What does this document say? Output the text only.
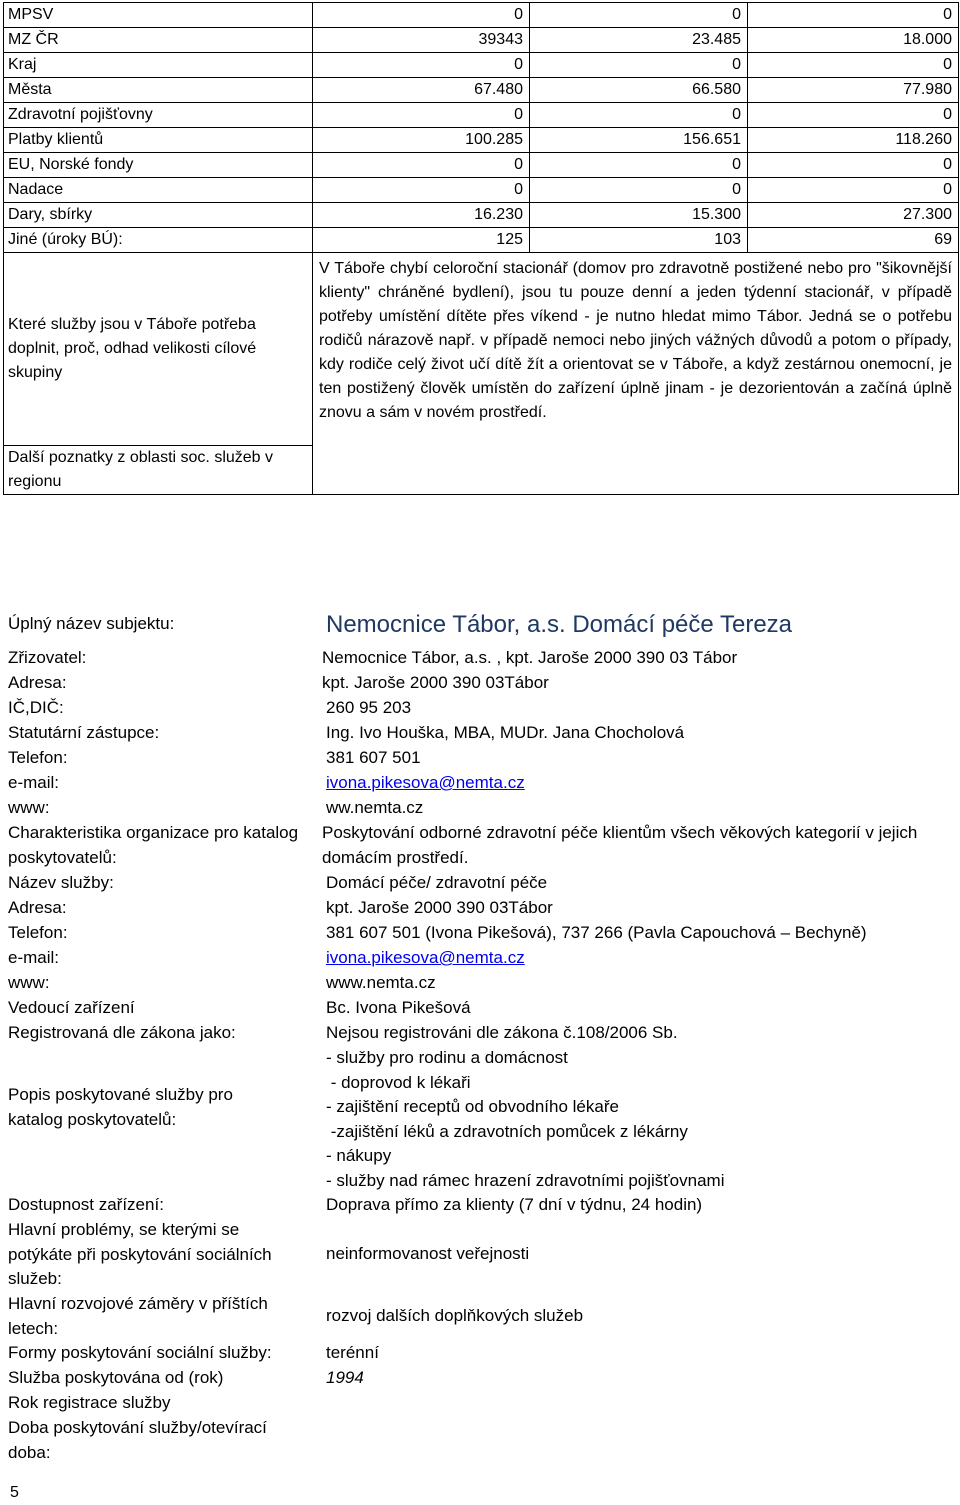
MPSV	0	0	0
MZ ČR	39343	23.485	18.000
Kraj	0	0	0
Města	67.480	66.580	77.980
Zdravotní pojišťovny	0	0	0
Platby klientů	100.285	156.651	118.260
EU, Norské fondy	0	0	0
Nadace	0	0	0
Dary, sbírky	16.230	15.300	27.300
Jiné (úroky BÚ):	125	103	69
Které služby jsou v Táboře potřeba doplnit, proč, odhad velikosti cílové skupiny	V Táboře chybí celoroční stacionář (domov pro zdravotně postižené nebo pro "šikovnější klienty" chráněné bydlení), jsou tu pouze denní a jeden týdenní stacionář, v případě potřeby umístění dítěte přes víkend - je nutno hledat mimo Tábor. Jedná se o potřebu rodičů nárazově např. v případě nemoci nebo jiných vážných důvodů a potom o případy, kdy rodiče celý život učí dítě žít a orientovat se v Táboře, a když zestárnou onemocní, je ten postižený člověk umístěn do zařízení úplně jinam - je dezorientován a začíná úplně znovu a sám v novém prostředí.
Další poznatky z oblasti soc. služeb v regionu
Úplný název subjektu:	Nemocnice Tábor, a.s. Domácí péče Tereza
Zřizovatel:	Nemocnice Tábor, a.s. , kpt. Jaroše 2000 390 03 Tábor
Adresa:	kpt. Jaroše 2000 390 03Tábor
IČ,DIČ:	260 95 203
Statutární zástupce:	Ing. Ivo Houška, MBA, MUDr. Jana Chocholová
Telefon:	381 607 501
e-mail:	ivona.pikesova@nemta.cz
www:	ww.nemta.cz
Charakteristika organizace pro katalog poskytovatelů:
Poskytování odborné zdravotní péče klientům všech věkových kategorií v jejich domácím prostředí.
Název služby:	Domácí péče/ zdravotní péče
Adresa:	kpt. Jaroše 2000 390 03Tábor
Telefon:	381 607 501 (Ivona Pikešová), 737 266 (Pavla Capouchová – Bechyně)
e-mail:	ivona.pikesova@nemta.cz
www:	www.nemta.cz
Vedoucí zařízení	Bc. Ivona Pikešová
Registrovaná dle zákona jako:	Nejsou registrováni dle zákona č.108/2006 Sb.
Popis poskytované služby pro katalog poskytovatelů:
- služby pro rodinu a domácnost
- doprovod k lékaři
- zajištění receptů od obvodního lékaře
-zajištění léků a zdravotních pomůcek z lékárny
- nákupy
- služby nad rámec hrazení zdravotními pojišťovnami
Dostupnost zařízení:	Doprava přímo za klienty (7 dní v týdnu, 24 hodin)
Hlavní problémy, se kterými se potýkáte při poskytování sociálních služeb:
neinformovanost veřejnosti
Hlavní rozvojové záměry v příštích letech:
rozvoj dalších doplňkových služeb
Formy poskytování sociální služby:	terénní
Služba poskytována od (rok)	1994
Rok registrace služby
Doba poskytování služby/otevírací doba:
5
